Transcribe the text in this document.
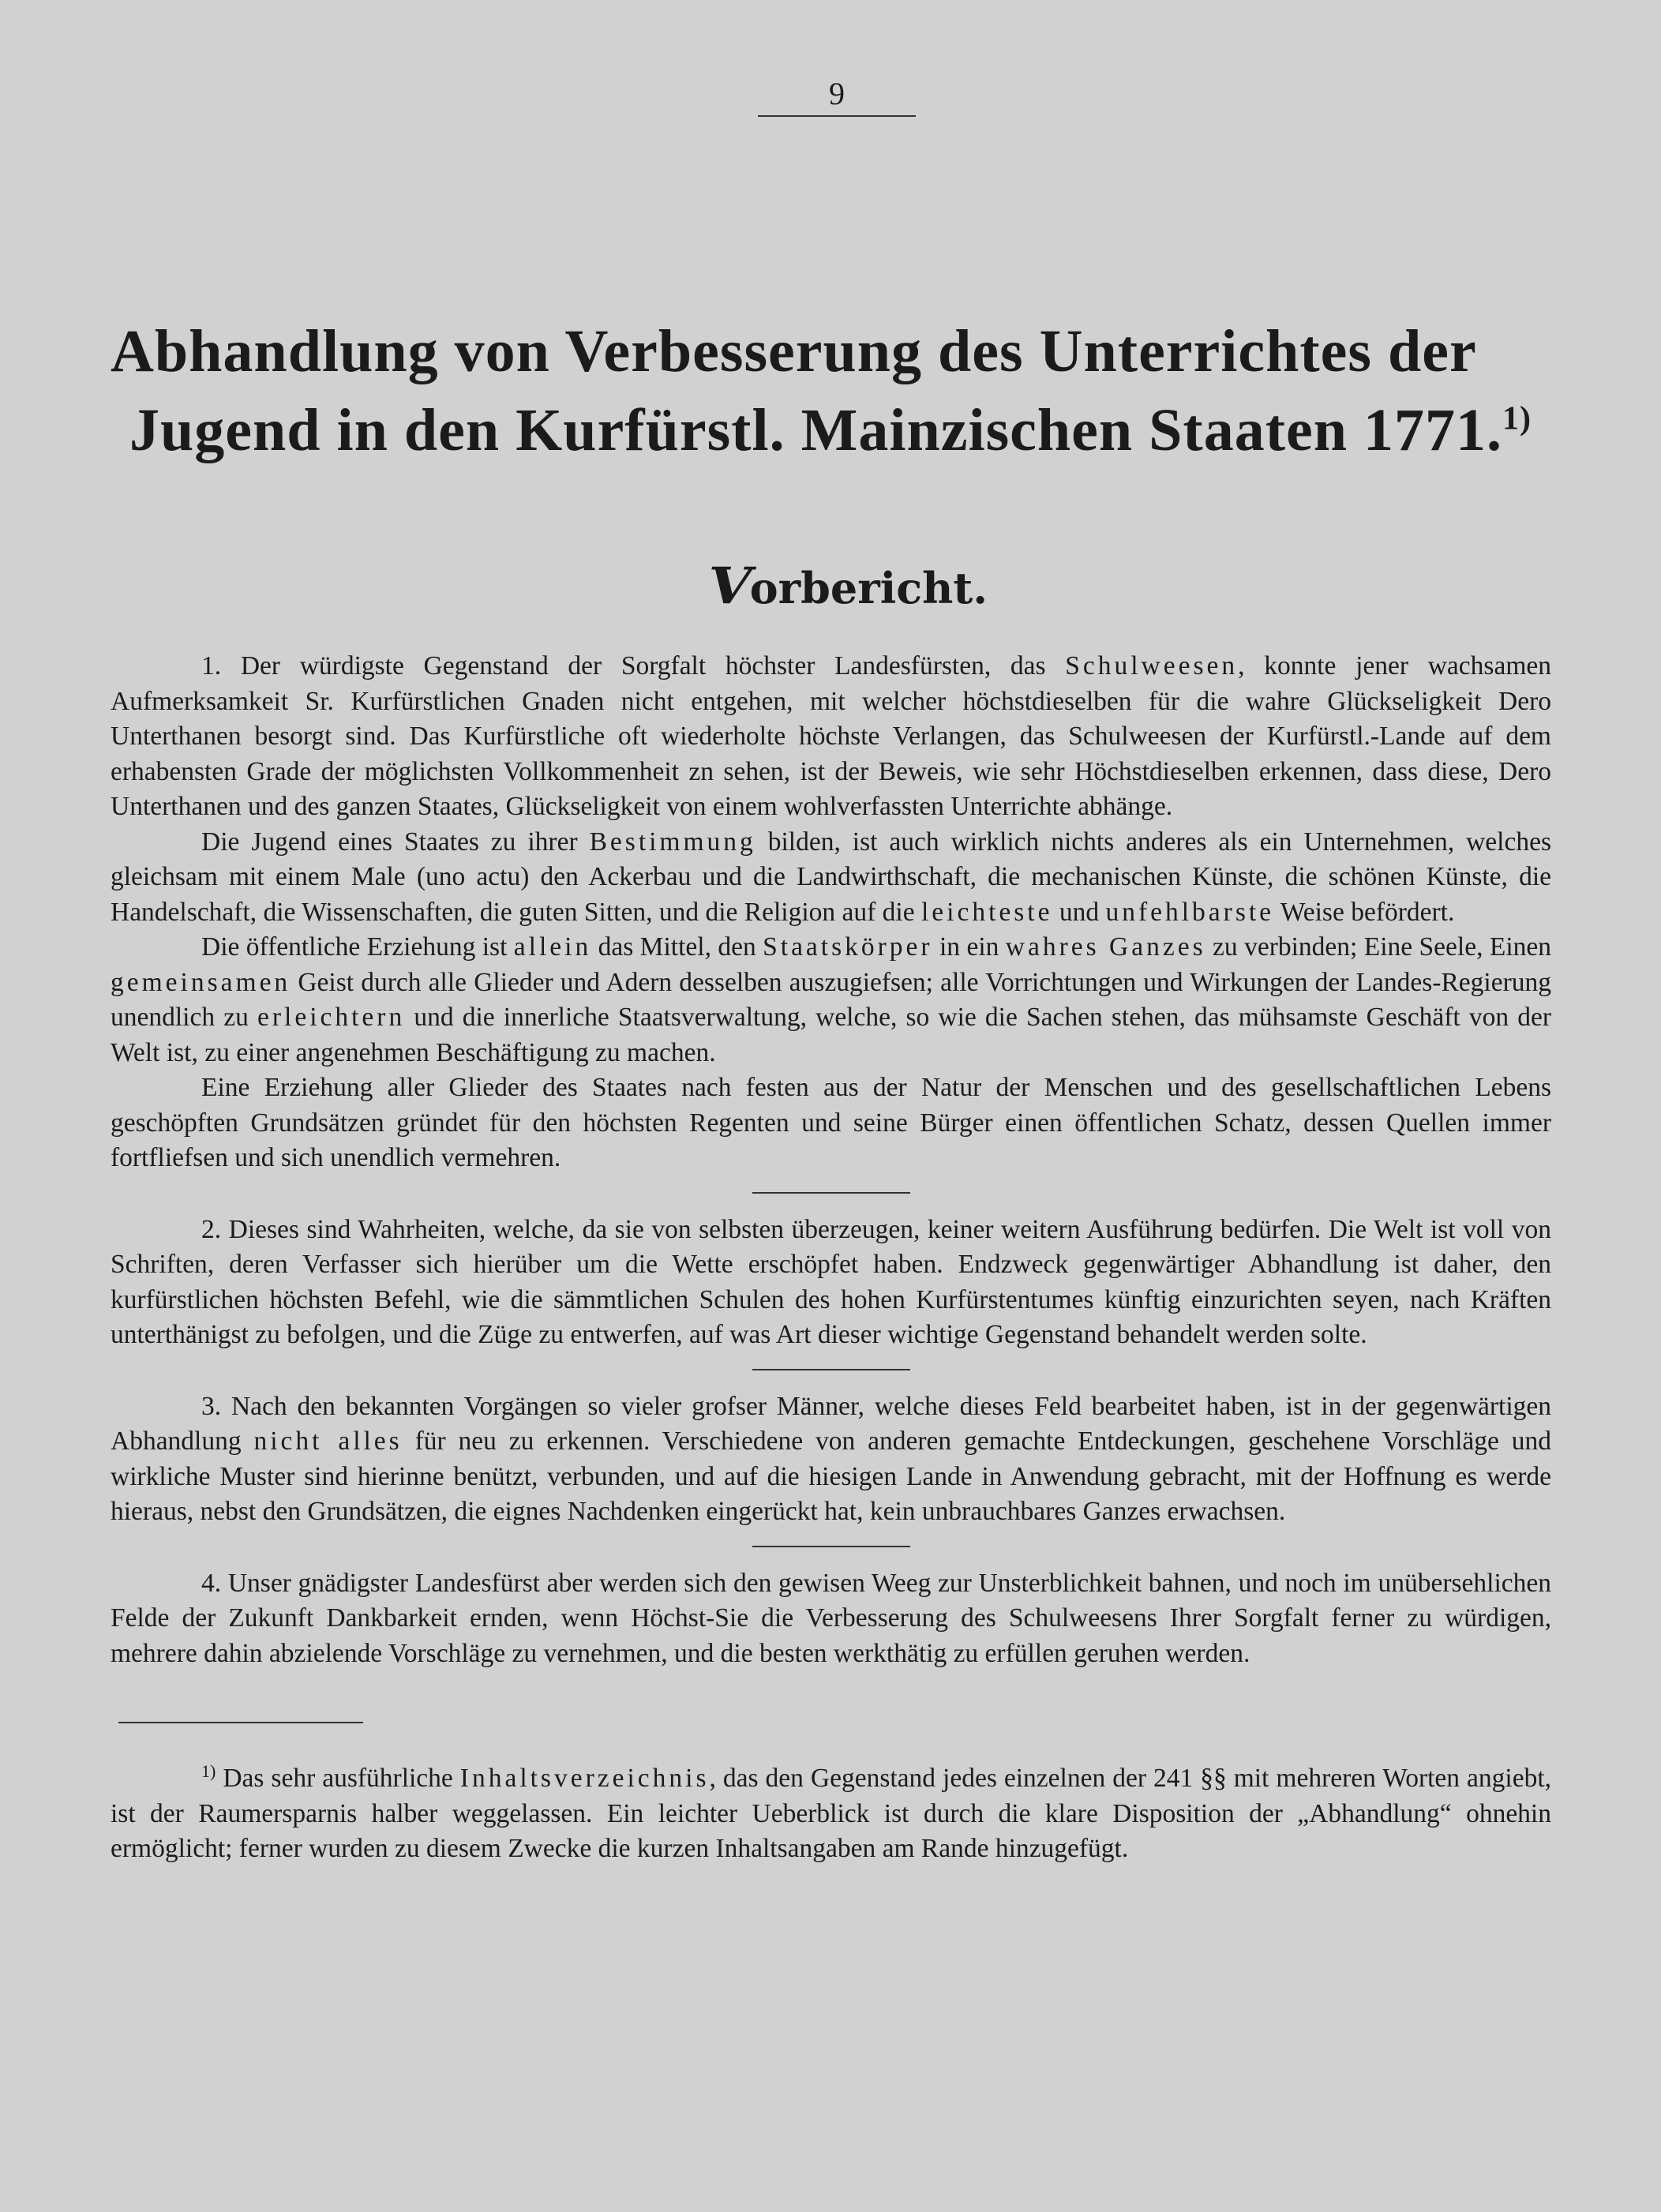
9
Abhandlung von Verbesserung des Unterrichtes der
Jugend in den Kurfürstl. Mainzischen Staaten 1771.$^{1)}$
Vorbericht.

1. Der würdigste Gegenstand der Sorgfalt höchster Landesfürsten, das Schulweesen, konnte jener wachsamen Aufmerksamkeit Sr. Kurfürstlichen Gnaden nicht entgehen, mit welcher höchstdieselben für die wahre Glückseligkeit Dero Unterthanen besorgt sind. Das Kurfürstliche oft wiederholte höchste Verlangen, das Schulweesen der Kurfürstl.-Lande auf dem erhabensten Grade der möglichsten Vollkommenheit zn sehen, ist der Beweis, wie sehr Höchstdieselben erkennen, dass diese, Dero Unterthanen und des ganzen Staates, Glückseligkeit von einem wohlverfassten Unterrichte abhänge.

Die Jugend eines Staates zu ihrer Bestimmung bilden, ist auch wirklich nichts anderes als ein Unternehmen, welches gleichsam mit einem Male (uno actu) den Ackerbau und die Landwirthschaft, die mechanischen Künste, die schönen Künste, die Handelschaft, die Wissenschaften, die guten Sitten, und die Religion auf die leichteste und unfehlbarste Weise befördert.

Die öffentliche Erziehung ist allein das Mittel, den Staatskörper in ein wahres Ganzes zu verbinden; Eine Seele, Einen gemeinsamen Geist durch alle Glieder und Adern desselben auszugiefsen; alle Vorrichtungen und Wirkungen der Landes-Regierung unendlich zu erleichtern und die innerliche Staatsverwaltung, welche, so wie die Sachen stehen, das mühsamste Geschäft von der Welt ist, zu einer angenehmen Beschäftigung zu machen.

Eine Erziehung aller Glieder des Staates nach festen aus der Natur der Menschen und des gesellschaftlichen Lebens geschöpften Grundsätzen gründet für den höchsten Regenten und seine Bürger einen öffentlichen Schatz, dessen Quellen immer fortfliefsen und sich unendlich vermehren.

2. Dieses sind Wahrheiten, welche, da sie von selbsten überzeugen, keiner weitern Ausführung bedürfen. Die Welt ist voll von Schriften, deren Verfasser sich hierüber um die Wette erschöpfet haben. Endzweck gegenwärtiger Abhandlung ist daher, den kurfürstlichen höchsten Befehl, wie die sämmtlichen Schulen des hohen Kurfürstentumes künftig einzurichten seyen, nach Kräften unterthänigst zu befolgen, und die Züge zu entwerfen, auf was Art dieser wichtige Gegenstand behandelt werden solte.

3. Nach den bekannten Vorgängen so vieler grofser Männer, welche dieses Feld bearbeitet haben, ist in der gegenwärtigen Abhandlung nicht alles für neu zu erkennen. Verschiedene von anderen gemachte Entdeckungen, geschehene Vorschläge und wirkliche Muster sind hierinne benützt, verbunden, und auf die hiesigen Lande in Anwendung gebracht, mit der Hoffnung es werde hieraus, nebst den Grundsätzen, die eignes Nachdenken eingerückt hat, kein unbrauchbares Ganzes erwachsen.

4. Unser gnädigster Landesfürst aber werden sich den gewisen Weeg zur Unsterblichkeit bahnen, und noch im unübersehlichen Felde der Zukunft Dankbarkeit ernden, wenn Höchst-Sie die Verbesserung des Schulweesens Ihrer Sorgfalt ferner zu würdigen, mehrere dahin abzielende Vorschläge zu vernehmen, und die besten werkthätig zu erfüllen geruhen werden.

$^{1)}$ Das sehr ausführliche Inhaltsverzeichnis, das den Gegenstand jedes einzelnen der 241 §§ mit mehreren Worten angiebt, ist der Raumersparnis halber weggelassen. Ein leichter Ueberblick ist durch die klare Disposition der „Abhandlung“ ohnehin ermöglicht; ferner wurden zu diesem Zwecke die kurzen Inhaltsangaben am Rande hinzugefügt.
